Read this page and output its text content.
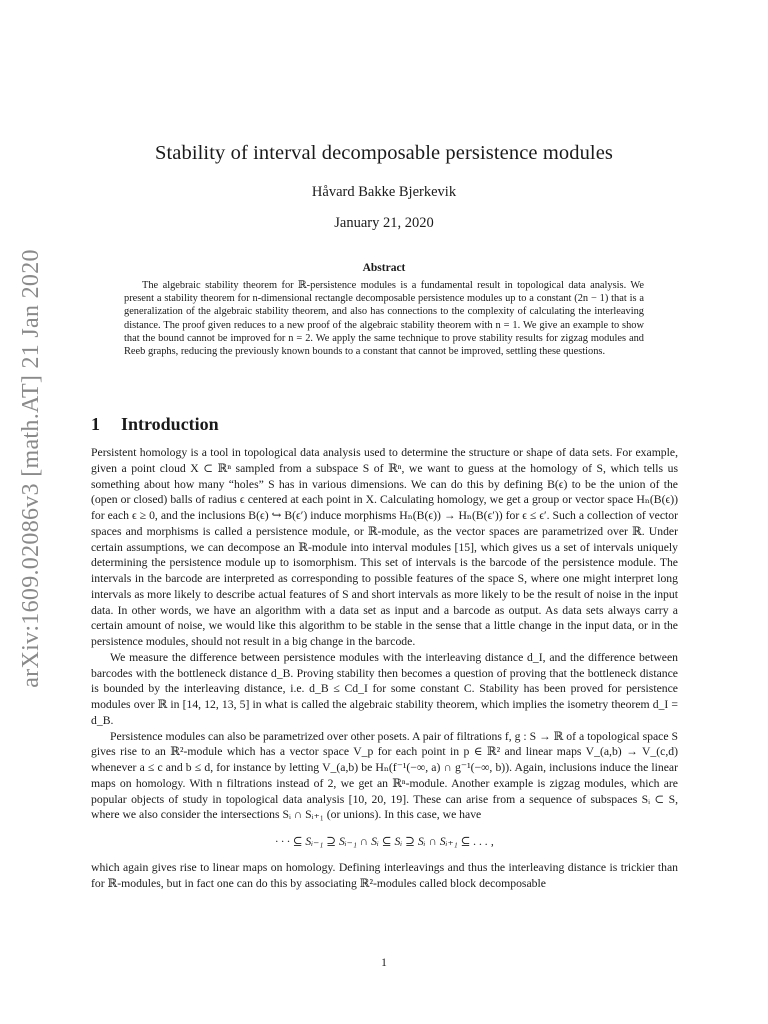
arXiv:1609.02086v3 [math.AT] 21 Jan 2020
Stability of interval decomposable persistence modules
Håvard Bakke Bjerkevik
January 21, 2020
Abstract

The algebraic stability theorem for ℝ-persistence modules is a fundamental result in topological data analysis. We present a stability theorem for n-dimensional rectangle decomposable persistence modules up to a constant (2n − 1) that is a generalization of the algebraic stability theorem, and also has connections to the complexity of calculating the interleaving distance. The proof given reduces to a new proof of the algebraic stability theorem with n = 1. We give an example to show that the bound cannot be improved for n = 2. We apply the same technique to prove stability results for zigzag modules and Reeb graphs, reducing the previously known bounds to a constant that cannot be improved, settling these questions.

1 Introduction

Persistent homology is a tool in topological data analysis used to determine the structure or shape of data sets. For example, given a point cloud X ⊂ ℝⁿ sampled from a subspace S of ℝⁿ, we want to guess at the homology of S, which tells us something about how many “holes” S has in various dimensions. We can do this by defining B(ϵ) to be the union of the (open or closed) balls of radius ϵ centered at each point in X. Calculating homology, we get a group or vector space Hₙ(B(ϵ)) for each ϵ ≥ 0, and the inclusions B(ϵ) ↪ B(ϵ′) induce morphisms Hₙ(B(ϵ)) → Hₙ(B(ϵ′)) for ϵ ≤ ϵ′. Such a collection of vector spaces and morphisms is called a persistence module, or ℝ-module, as the vector spaces are parametrized over ℝ. Under certain assumptions, we can decompose an ℝ-module into interval modules [15], which gives us a set of intervals uniquely determining the persistence module up to isomorphism. This set of intervals is the barcode of the persistence module. The intervals in the barcode are interpreted as corresponding to possible features of the space S, where one might interpret long intervals as more likely to describe actual features of S and short intervals as more likely to be the result of noise in the input data. In other words, we have an algorithm with a data set as input and a barcode as output. As data sets always carry a certain amount of noise, we would like this algorithm to be stable in the sense that a little change in the input data, or in the persistence modules, should not result in a big change in the barcode.

We measure the difference between persistence modules with the interleaving distance d_I, and the difference between barcodes with the bottleneck distance d_B. Proving stability then becomes a question of proving that the bottleneck distance is bounded by the interleaving distance, i.e. d_B ≤ Cd_I for some constant C. Stability has been proved for persistence modules over ℝ in [14, 12, 13, 5] in what is called the algebraic stability theorem, which implies the isometry theorem d_I = d_B.

Persistence modules can also be parametrized over other posets. A pair of filtrations f, g : S → ℝ of a topological space S gives rise to an ℝ²-module which has a vector space V_p for each point in p ∈ ℝ² and linear maps V_(a,b) → V_(c,d) whenever a ≤ c and b ≤ d, for instance by letting V_(a,b) be Hₙ(f⁻¹(−∞, a) ∩ g⁻¹(−∞, b)). Again, inclusions induce the linear maps on homology. With n filtrations instead of 2, we get an ℝⁿ-module. Another example is zigzag modules, which are popular objects of study in topological data analysis [10, 20, 19]. These can arise from a sequence of subspaces Sᵢ ⊂ S, where we also consider the intersections Sᵢ ∩ Sᵢ₊₁ (or unions). In this case, we have

· · · ⊆ Sᵢ₋₁ ⊇ Sᵢ₋₁ ∩ Sᵢ ⊆ Sᵢ ⊇ Sᵢ ∩ Sᵢ₊₁ ⊆ . . . ,

which again gives rise to linear maps on homology. Defining interleavings and thus the interleaving distance is trickier than for ℝ-modules, but in fact one can do this by associating ℝ²-modules called block decomposable

1
